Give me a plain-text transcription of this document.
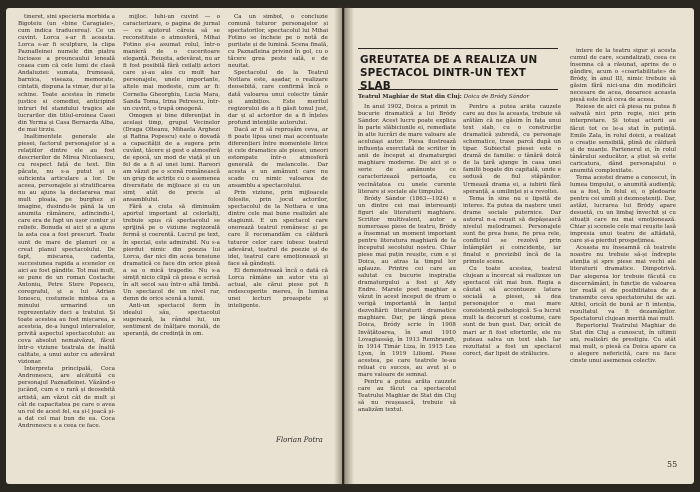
tineret, sini specieria morbida a Bigoteiu (un «bine Caragiale», cum indica traducerea). Ce un cuvint. Lorca s-ar fi aceasta. Lorca s-ar fi sculpture, la clipa Paznafleinei numele din piatra lucioase a prouncaului leneală ceaea cum că cele lumi de clasă Andaluziei: sumata, frumoasă, barnica, viseaza, memorate, cintatii, dispuna la vimar, dur și la schine. Toate acestea în rimete justice si comediei, anticipind intruri fel standului tragice ale lucrarilor din titlul-eroinea Casei din Yerma și Casa Bernarda Alba, de mai tirziu.

Inaltimentele generale ale piesei, factorul personajelor și a relațiilor dintre ele au fost descrierilor de Mirea Nicolaescu, cu respect față de text. Din păcate, nu s-a putut și o suficienta articulare a lor. De aceea, personajele și stratificarea nu au ajuns la declararea mai mult ploaia, pe burghez și imagine, dusindu-le până la un anumita rămânere, adincindu-l, care era de fapt un ușor contur și reliefe. Bonuda ei aici și a ajuns la asta cea a fost prescurt. Toate sunt de mare de planuri ce a creat planul spectacolului. De fapt, miscarea, cadenta, succesiunea rapida a scenelor ce aici au fost gândite. Tot mai mult, se pune de un roman Costache Antoniu, Petre Stere Popescu, coregraful, și a lui Adrian Ionescu, costumele mintea ca a minului urmarind un reprezentativ deci a tratului. Și toate acestea au fost mișcarea, a acesteia, de-a lungul intervalelor, privită aspectul spectacolului: au ceva absolut nemaivăzut, făcut într-o viziune teatrala de înaltă calitate, a unui autor cu adevărat vizionar.

Interpreta principală, Coca Andronescu, are alcătuită cu personajul Paznafleinei. Văzând-o jucând, cum e o rară și deosebită artistă, am văzut cât de mult și cât de capacitatea pe care o avea un rol de acest fel, ea și-l joacă și-a dat cel mai bun de ea. Coca Andronescu e a ceea ce face.

mijloc. Iuhi-un cuvint — o caracterizare, o pagina de jurnal — cu ajutorul căreia să se reconstituie o atmosferă, Mihai Fotino și-a asumat rolul, într-o manieră de o cuceritoare eleganță. Reușita, adevărat, nu ar fi fost posibilă fără ceilalți actori care și-au ales cu mult har personajele, unele importante, altele mai modeste, cum ar fi: Cornelia Gheorghiu, Lucia Mara, Sanda Toma, Irina Petrescu, într-un cuvint, o trupă omogenă.

Omogen și bine diferențiat în același timp, grupul Vecinelor (Draga Olteanu, Mihaela Arghezi și Rafina Popescu) este o dovadă a capacității de a sugera prin cuvânt, tăcere și gest o atmosferă de epocă, un mod de viață și un fel de a fi al unei lumi. Rareori am văzut pe o scenă românească un grup de actrițe cu o asemenea diversitate de mijloace și cu un simț atât de precis al ansamblului.

Fără a ciuta să diminuăm aportul important al celorlalți, trebuie spus că spectacolul se sprijină pe o viziune regizorală fermă și coerentă. Lucrul pe text, în special, este admirabil. Nu s-a pierdut nimic din poezia lui Lorca, dar nici din acea tensiune dramatică ce face din orice piesă a sa o mică tragedie. Nu s-a simțit nicio clipă că piesa e scrisă în alt secol sau într-o altă limbă. Un spectacol de un nivel rar, demn de orice scenă a lumii.

Anti-un spectacol ferm în idealul său, spectacolul sugerează, la rândul lui, un sentiment de înălțare morală, de speranță, de credință în om.

Ca un simbol, o concluzie comună tuturor personajelor și spectatorilor, spectacolul lui Mihai Fotino se încheie pe o notă de puritate și de lumină. Scena finală, cu Paznafleina privind în gol, cu o tăcere grea peste sală, e de neuitat.

Spectacolul de la Teatrul Nottara este, așadar, o realizare deosebită, care confirmă încă o dată valoarea unui colectiv tânăr și ambițios. Este meritul regizorului de a fi găsit tonul just, dar și al actorilor de a fi înțeles profund intențiile autorului.

Dacă ar fi să reproșăm ceva, ar fi poate lipsa unei mai accentuate diferențieri între momentele lirice și cele dramatice ale piesei, uneori estompate într-o atmosferă generală de melancolie. Dar acesta e un amănunt care nu scade cu nimic valoarea de ansamblu a spectacolului.

Prin viziune, prin mijloacele folosite, prin jocul actorilor, spectacolul de la Nottara e una dintre cele mai bune realizări ale stagiunii. E un spectacol care onorează teatrul românesc și pe care îl recomandăm cu căldură tuturor celor care iubesc teatrul adevărat, teatrul de poezie și de idei, teatrul care emoționează și face să gândești.

El demonstrează încă o dată că Lorca rămâne un autor viu și actual, ale cărui piese pot fi redescoperite mereu, în lumina unei lecturi proaspete și inteligente.

Florian Potra
GREUTATEA DE A REALIZA UN SPECTACOL DINTR-UN TEXT SLAB
Teatrul Maghiar de Stat din Cluj: Doica de Bródy Sándor

In anul 1902, Doica a primit în bucurie dramatică a lui Bródy Sándor. Acest lucru poate explica în parte slăbiciunile ei, remediate în alte lucrări de mare valoare ale aceluiași autor. Piesa ilustrează influența exercitată de scriitor în anii de început ai dramaturgiei maghiare moderne. De aici și o serie de amănunte ce caracterizează perioada, cu vecinătatea cu unele curente literare și sociale ale timpului.

Bródy Sándor (1863—1924) e un dintre cei mai interesanți figuri ale literaturii maghiare. Scriitor multivalent, autor a numeroase piese de teatru, Bródy a însemnat un moment important pentru literatura maghiară de la începutul secolului nostru. Chiar piese mai puțin reușite, cum e și Doica, au atras la timpul lor aplauze. Printre cei care au salutat cu bucurie inspirația dramaturgului a fost și Ady Endre. Marele poet maghiar a văzut în acest început de drum o verigă importantă în lanțul dezvoltării literaturii dramatice maghiare. Dar, pe lângă piesa Doica, Bródy scrie în 1908 Invățătoarea, în anul 1910 Lovagiasság, în 1913 Rembrandt, în 1914 Timár Liza, în 1915 Lea Lyon, în 1919 Lilioml. Piese acestea, pe care teatrele le-au reluat cu succes, au avut și o mare valoare de semnal.

Pentru a putea arăta cauzele care au făcut ca spectacolul Teatrului Maghiar de Stat din Cluj să nu reușească, trebuie să analizăm textul.

Pentru a putea arăta cauzele care au dus la aceasta, trebuie să arătăm că ne găsim în fața unui text slab, cu o construcție dramatică șubredă, cu personaje schematice, trase parcă după un tipar. Subiectul piesei este o dramă de familie: o tânără doică de la țară ajunge în casa unei familii bogate din capitală, unde e sedusă de fiul stăpânilor. Urmează drama ei, a iubirii fără speranță, a umilinței și a revoltei.

Tema în sine nu e lipsită de interes. Ea putea da naștere unei drame sociale puternice. Dar autorul n-a reușit să depășească nivelul melodramei. Personajele sunt fie prea bune, fie prea rele, conflictul se rezolvă prin întâmplări și coincidențe, iar finalul e previzibil încă de la primele scene.

Cu toate acestea, teatrul clujean a încercat să realizeze un spectacol cât mai bun. Regia a căutat să accentueze latura socială a piesei, să dea personajelor o mai mare consistență psihologică. S-a lucrat mult la decoruri și costume, care sunt de bun gust. Dar, oricât de mari ar fi fost eforturile, ele nu puteau salva un text slab. Iar rezultatul a fost un spectacol corect, dar lipsit de strălucire.

intere de la teatru sigur și acesta cumul de care, scandalizați, ceea ce însemna că a răsunat, aprins de o gândire, acum o «coartabilitate» de Bródy, în anul III, nimic trebuie să găsim fără nici-una din modificări necesare de acea, deoarece aceasta piesă este încă ceva de aceea.

Reiese de aici că piesa nu putea fi salvată nici prin regie, nici prin interpretare. Și totuși actorii au făcut tot ce le-a stat în putință. Emile Zala, în rolul doicii, a realizat o creație sensibilă, plină de căldură și de nuanțe. Partenerul ei, în rolul tânărului seducător, a știut să evite caricatura, dând personajului o anumită complexitate.

Tema acestei drame a cunoscut, în lumea timpului, o anumită audiență; ea a fost, în felul ei, o pledoarie pentru cei umili și dezmoșteniți. Dar, astăzi, lucrarea lui Bródy apare desuetă, cu un limbaj învechit și cu situații care nu mai emoționează. Chiar și scenele cele mai reușite lasă impresia unui teatru de altădată, care și-a pierdut prospețimea.

Aceasta nu înseamnă că teatrele noastre nu trebuie să-și îndrepte atenția și spre piese mai vechi ale literaturii dramatice. Dimpotrivă. Dar alegerea lor trebuie făcută cu discernământ, în funcție de valoarea lor reală și de posibilitatea de a transmite ceva spectatorului de azi. Altfel, oricât de bună ar fi intenția, rezultatul va fi dezamăgitor. Spectatorul clujean merită mai mult.

Repertoriul Teatrului Maghiar de Stat din Cluj a cunoscut, în ultimii ani, realizări de prestigiu. Cu atât mai mult, o piesă ca Doica apare ca o alegere nefericită, care nu face cinste unui asemenea colectiv.

55
